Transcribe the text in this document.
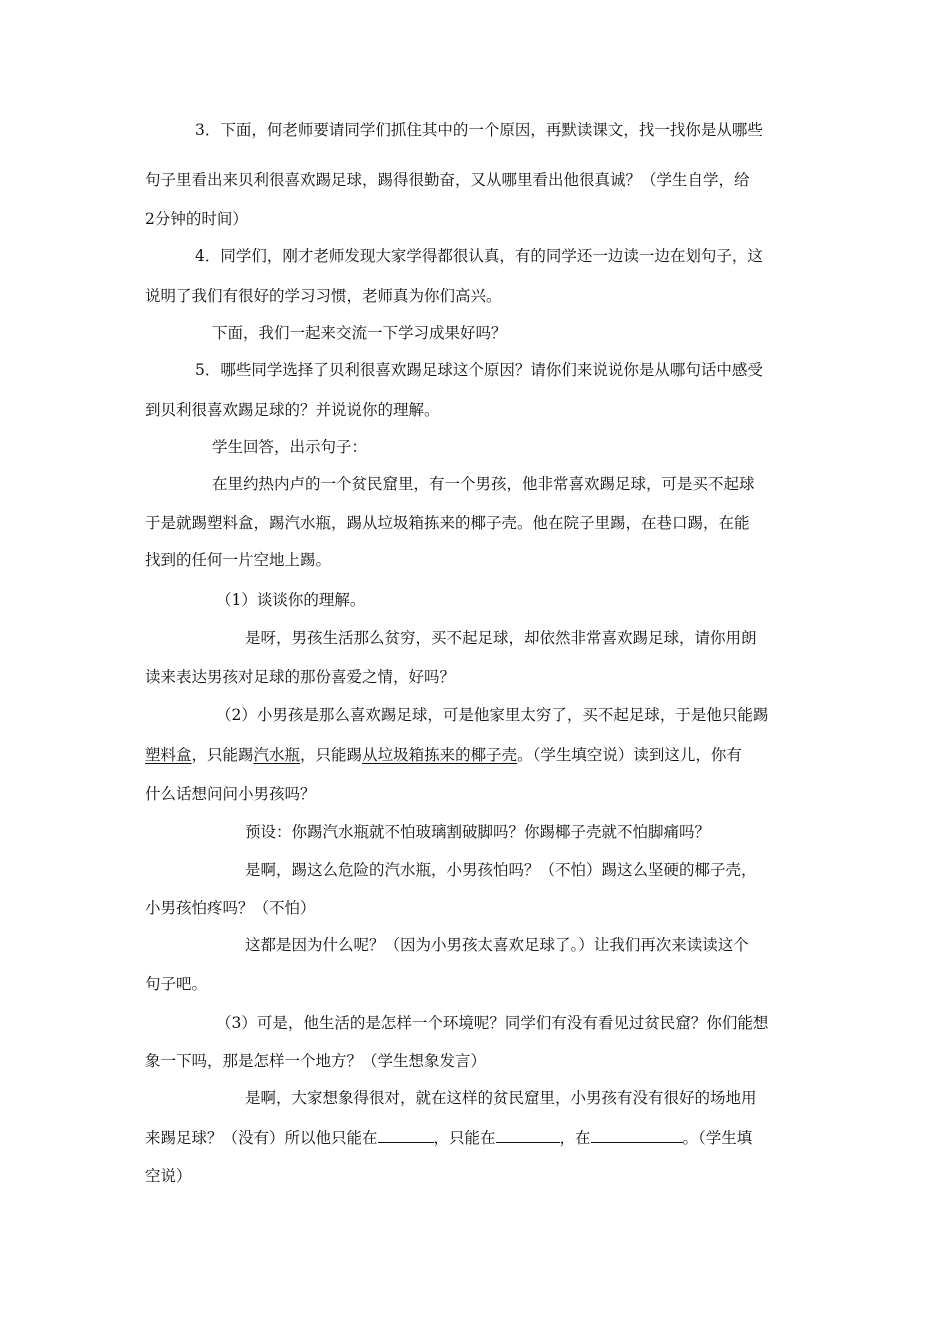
3．下面，何老师要请同学们抓住其中的一个原因，再默读课文，找一找你是从哪些
句子里看出来贝利很喜欢踢足球，踢得很勤奋，又从哪里看出他很真诚？（学生自学，给
2分钟的时间）
4．同学们，刚才老师发现大家学得都很认真，有的同学还一边读一边在划句子，这
说明了我们有很好的学习习惯，老师真为你们高兴。
下面，我们一起来交流一下学习成果好吗？
5．哪些同学选择了贝利很喜欢踢足球这个原因？请你们来说说你是从哪句话中感受
到贝利很喜欢踢足球的？并说说你的理解。
学生回答，出示句子：
在里约热内卢的一个贫民窟里，有一个男孩，他非常喜欢踢足球，可是买不起球
于是就踢塑料盒，踢汽水瓶，踢从垃圾箱拣来的椰子壳。他在院子里踢，在巷口踢，在能
找到的任何一片空地上踢。
（1）谈谈你的理解。
是呀，男孩生活那么贫穷，买不起足球，却依然非常喜欢踢足球，请你用朗
读来表达男孩对足球的那份喜爱之情，好吗？
（2）小男孩是那么喜欢踢足球，可是他家里太穷了，买不起足球，于是他只能踢
塑料盒，只能踢汽水瓶，只能踢从垃圾箱拣来的椰子壳。（学生填空说）读到这儿，你有
什么话想问问小男孩吗？
预设：你踢汽水瓶就不怕玻璃割破脚吗？你踢椰子壳就不怕脚痛吗？
是啊，踢这么危险的汽水瓶，小男孩怕吗？（不怕）踢这么坚硬的椰子壳，
小男孩怕疼吗？（不怕）
这都是因为什么呢？（因为小男孩太喜欢足球了。）让我们再次来读读这个
句子吧。
（3）可是，他生活的是怎样一个环境呢？同学们有没有看见过贫民窟？你们能想
象一下吗，那是怎样一个地方？（学生想象发言）
是啊，大家想象得很对，就在这样的贫民窟里，小男孩有没有很好的场地用
来踢足球？（没有）所以他只能在	，只能在	，在	。（学生填
空说）
